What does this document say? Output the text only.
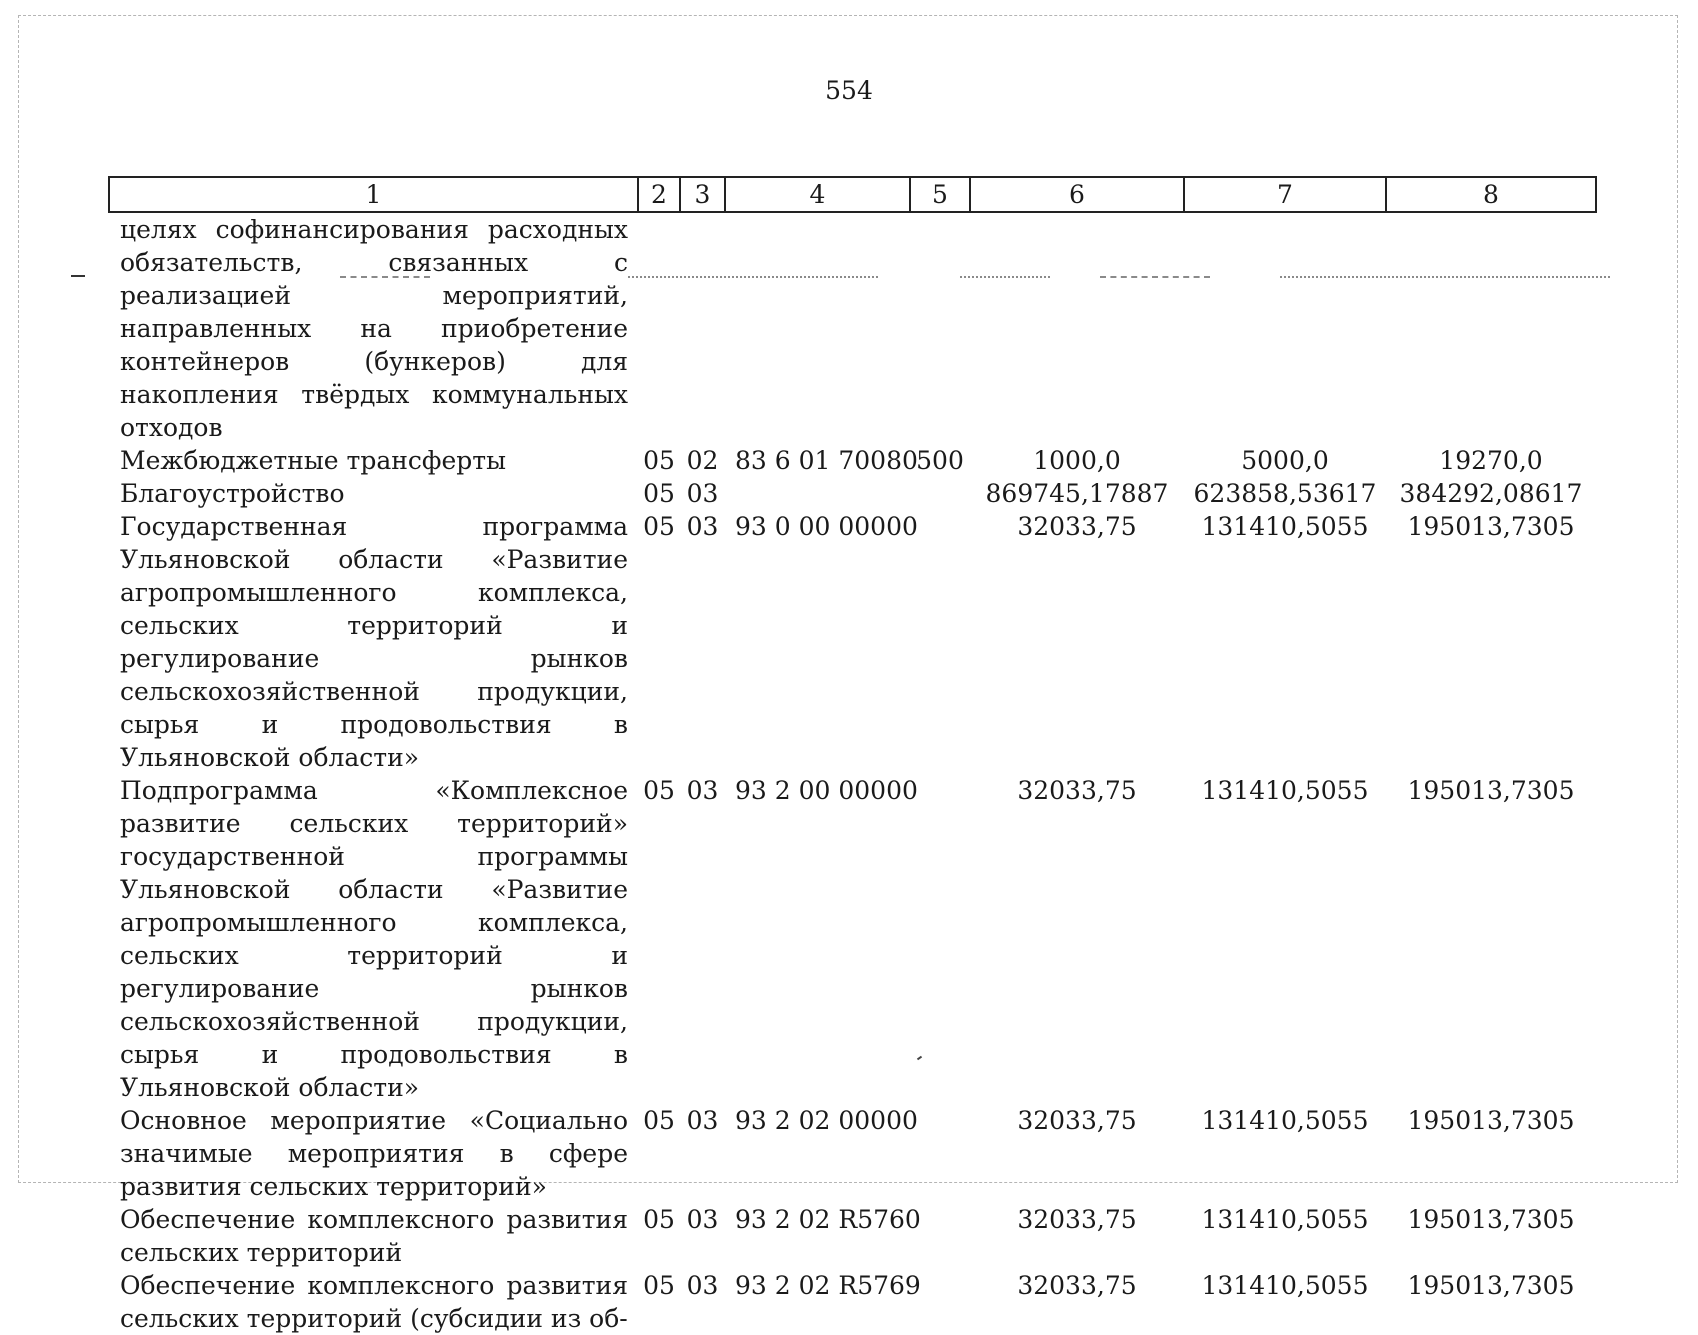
554
1	2	3	4	5	6	7	8
целях софинансирования расходных обязательств, связанных с реализацией мероприятий, направленных на приобретение контейнеров (бункеров) для накопления твёрдых коммунальных отходов							
Межбюджетные трансферты	05	02	83 6 01 70080	500	1000,0	5000,0	19270,0
Благоустройство	05	03			869745,17887	623858,53617	384292,08617
Государственная программа Ульяновской области «Развитие агропромышленного комплекса, сельских территорий и регулирование рынков сельскохозяйственной продукции, сырья и продовольствия в Ульяновской области»	05	03	93 0 00 00000		32033,75	131410,5055	195013,7305
Подпрограмма «Комплексное развитие сельских территорий» государственной программы Ульяновской области «Развитие агропромышленного комплекса, сельских территорий и регулирование рынков сельскохозяйственной продукции, сырья и продовольствия в Ульяновской области»	05	03	93 2 00 00000		32033,75	131410,5055	195013,7305
Основное мероприятие «Социально значимые мероприятия в сфере развития сельских территорий»	05	03	93 2 02 00000		32033,75	131410,5055	195013,7305
Обеспечение комплексного развития сельских территорий	05	03	93 2 02 R5760		32033,75	131410,5055	195013,7305
Обеспечение комплексного развития сельских территорий (субсидии из об-	05	03	93 2 02 R5769		32033,75	131410,5055	195013,7305
